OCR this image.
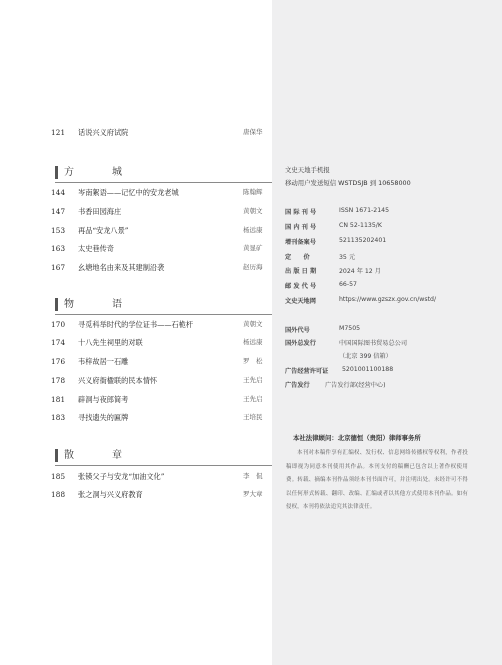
121	话说兴义府试院	唐保华
方　城
144	岑南絮语——记忆中的安龙老城	陈翰辉
147	书香田园海庄	黄朝文
153	再品“安龙八景”	杨远康
163	太史巷传奇	黄显矿
167	幺塘地名由来及其建制沿袭	赵历海
物　语
170	寻觅科举时代的学位证书——石桅杆	黄朝文
174	十八先生祠里的对联	杨远康
176	韦梓故居一石雕	罗　松
178	兴义府衙楹联的民本情怀	王先启
181	辟洞与夜郎简考	王先启
183	寻找遗失的匾牌	王培民
散　章
185	张锳父子与安龙“加油文化”	李　侃
188	张之洞与兴义府教育	罗大章
文史天地手机报
移动用户发送短信 WSTDSJB 到 10658000
国 际 刊 号	ISSN 1671-2145
国 内 刊 号	CN 52-1135/K
增刊备案号	521135202401
定　　价	35 元
出 版 日 期	2024 年 12 月
邮 发 代 号	66-57
文史天地网	https://www.gzszx.gov.cn/wstd/
国外代号	M7505
国外总发行	中国国际图书贸易总公司
（北京 399 信箱）
广告经营许可证 5201001100188
广告发行 广告发行部(经营中心)
本社法律顾问：北京德恒（贵阳）律师事务所
本刊对本稿件享有汇编权、发行权、信息网络传播权等权利，作者投稿即视为同意本刊使用其作品。本刊支付的稿酬已包含以上著作权使用费。转载、摘编本刊作品须经本刊书面许可，并注明出处。未经许可不得以任何形式转载、翻印、改编、汇编或者以其他方式使用本刊作品。如有侵权，本刊将依法追究其法律责任。
